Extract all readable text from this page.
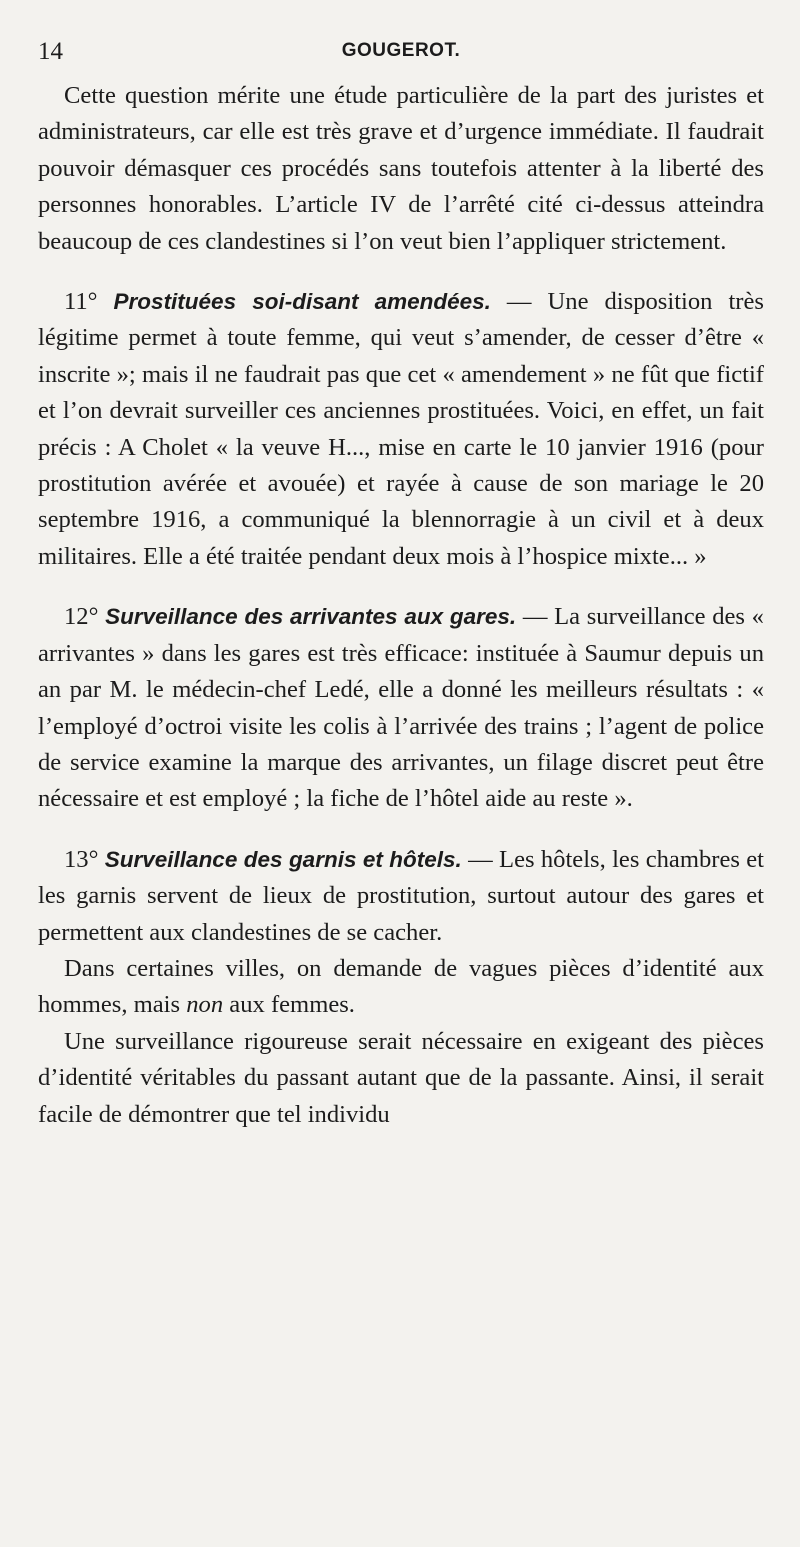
14	GOUGEROT.

Cette question mérite une étude particulière de la part des juristes et administrateurs, car elle est très grave et d’urgence immédiate. Il faudrait pouvoir démasquer ces procédés sans toutefois attenter à la liberté des personnes honorables. L’article IV de l’arrêté cité ci-dessus atteindra beaucoup de ces clandestines si l’on veut bien l’appliquer strictement.

11° Prostituées soi-disant amendées. — Une disposition très légitime permet à toute femme, qui veut s’amender, de cesser d’être « inscrite »; mais il ne faudrait pas que cet « amendement » ne fût que fictif et l’on devrait surveiller ces anciennes prostituées. Voici, en effet, un fait précis : A Cholet « la veuve H..., mise en carte le 10 janvier 1916 (pour prostitution avérée et avouée) et rayée à cause de son mariage le 20 septembre 1916, a communiqué la blennorragie à un civil et à deux militaires. Elle a été traitée pendant deux mois à l’hospice mixte... »

12° Surveillance des arrivantes aux gares. — La surveillance des « arrivantes » dans les gares est très efficace: instituée à Saumur depuis un an par M. le médecin-chef Ledé, elle a donné les meilleurs résultats : « l’employé d’octroi visite les colis à l’arrivée des trains ; l’agent de police de service examine la marque des arrivantes, un filage discret peut être nécessaire et est employé ; la fiche de l’hôtel aide au reste ».

13° Surveillance des garnis et hôtels. — Les hôtels, les chambres et les garnis servent de lieux de prostitution, surtout autour des gares et permettent aux clandestines de se cacher.

Dans certaines villes, on demande de vagues pièces d’identité aux hommes, mais non aux femmes.

Une surveillance rigoureuse serait nécessaire en exigeant des pièces d’identité véritables du passant autant que de la passante. Ainsi, il serait facile de démontrer que tel individu
